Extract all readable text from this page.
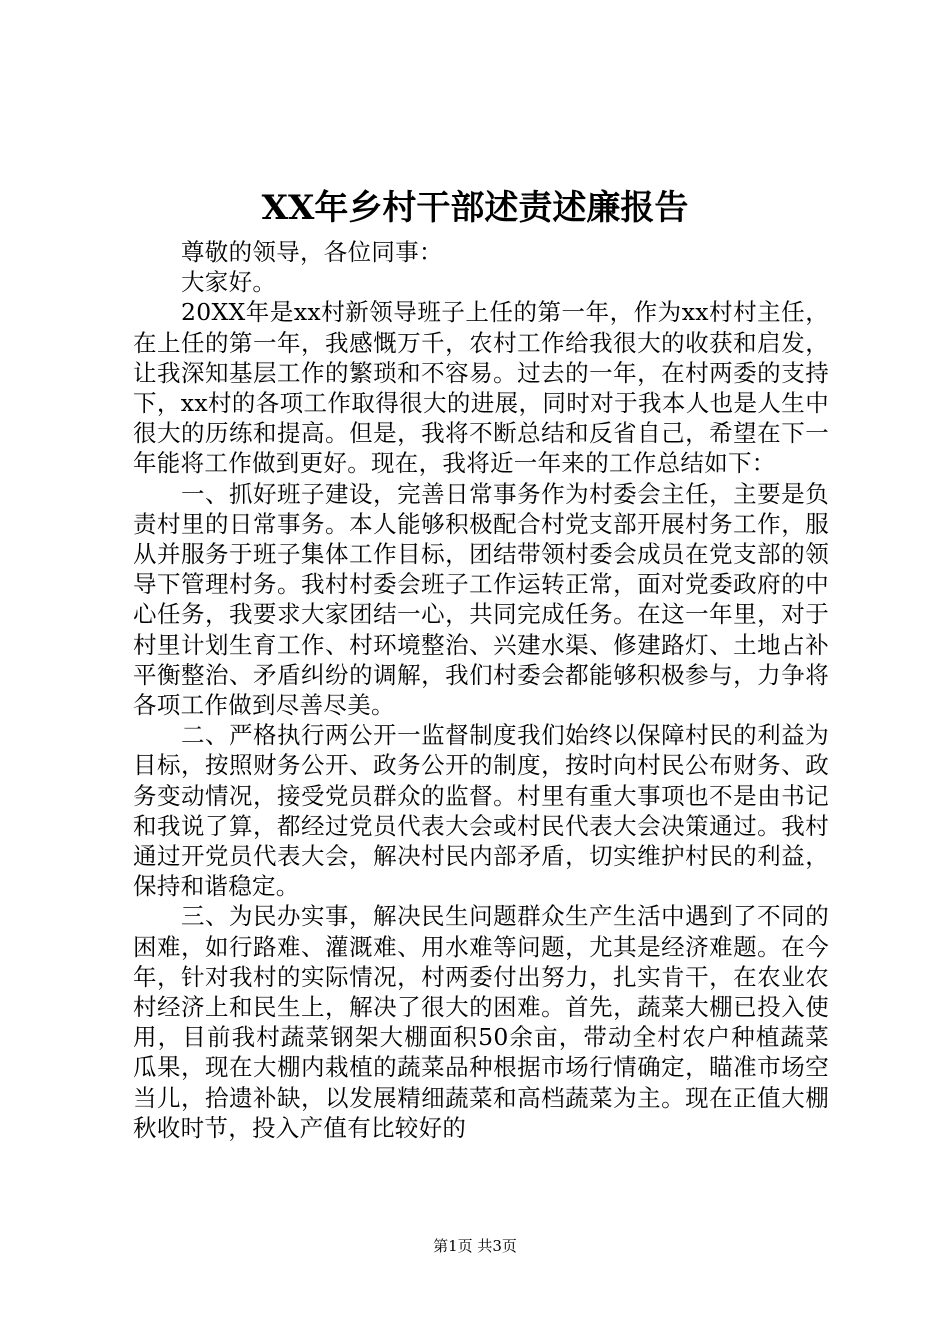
XX年乡村干部述责述廉报告

尊敬的领导，各位同事：

大家好。

20XX年是xx村新领导班子上任的第一年，作为xx村村主任，在上任的第一年，我感慨万千，农村工作给我很大的收获和启发，让我深知基层工作的繁琐和不容易。过去的一年，在村两委的支持下，xx村的各项工作取得很大的进展，同时对于我本人也是人生中很大的历练和提高。但是，我将不断总结和反省自己，希望在下一年能将工作做到更好。现在，我将近一年来的工作总结如下：

一、抓好班子建设，完善日常事务作为村委会主任，主要是负责村里的日常事务。本人能够积极配合村党支部开展村务工作，服从并服务于班子集体工作目标，团结带领村委会成员在党支部的领导下管理村务。我村村委会班子工作运转正常，面对党委政府的中心任务，我要求大家团结一心，共同完成任务。在这一年里，对于村里计划生育工作、村环境整治、兴建水渠、修建路灯、土地占补平衡整治、矛盾纠纷的调解，我们村委会都能够积极参与，力争将各项工作做到尽善尽美。

二、严格执行两公开一监督制度我们始终以保障村民的利益为目标，按照财务公开、政务公开的制度，按时向村民公布财务、政务变动情况，接受党员群众的监督。村里有重大事项也不是由书记和我说了算，都经过党员代表大会或村民代表大会决策通过。我村通过开党员代表大会，解决村民内部矛盾，切实维护村民的利益，保持和谐稳定。

三、为民办实事，解决民生问题群众生产生活中遇到了不同的困难，如行路难、灌溉难、用水难等问题，尤其是经济难题。在今年，针对我村的实际情况，村两委付出努力，扎实肯干，在农业农村经济上和民生上，解决了很大的困难。首先，蔬菜大棚已投入使用，目前我村蔬菜钢架大棚面积50余亩，带动全村农户种植蔬菜瓜果，现在大棚内栽植的蔬菜品种根据市场行情确定，瞄准市场空当儿，拾遗补缺，以发展精细蔬菜和高档蔬菜为主。现在正值大棚秋收时节，投入产值有比较好的

第1页 共3页
